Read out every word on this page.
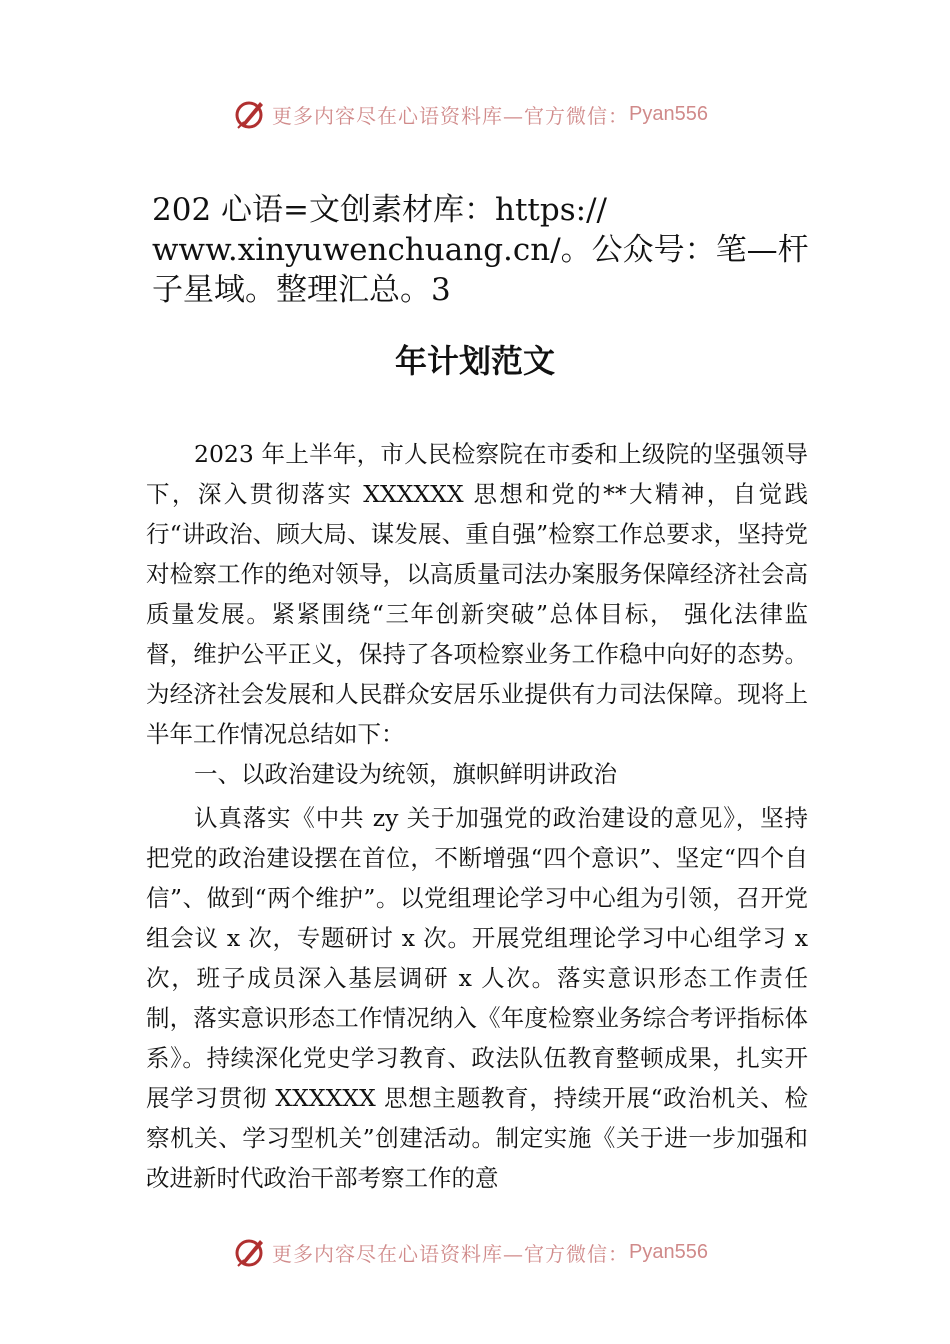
更多内容尽在心语资料库—官方微信： Pyan556
202 心语=文创素材库：https:// www.xinyuwenchuang.cn/。公众号：笔—杆子星域。整理汇总。3
年计划范文
2023 年上半年，市人民检察院在市委和上级院的坚强领导下，深入贯彻落实 XXXXXX 思想和党的**大精神，自觉践行“讲政治、顾大局、谋发展、重自强”检察工作总要求，坚持党对检察工作的绝对领导，以高质量司法办案服务保障经济社会高质量发展。紧紧围绕“三年创新突破”总体目标， 强化法律监督，维护公平正义，保持了各项检察业务工作稳中向好的态势。为经济社会发展和人民群众安居乐业提供有力司法保障。现将上半年工作情况总结如下：
一、以政治建设为统领，旗帜鲜明讲政治
认真落实《中共 zy 关于加强党的政治建设的意见》，坚持把党的政治建设摆在首位，不断增强“四个意识”、坚定“四个自信”、做到“两个维护”。以党组理论学习中心组为引领，召开党组会议 x 次，专题研讨 x 次。开展党组理论学习中心组学习 x 次，班子成员深入基层调研 x 人次。落实意识形态工作责任制，落实意识形态工作情况纳入《年度检察业务综合考评指标体系》。持续深化党史学习教育、政法队伍教育整顿成果，扎实开展学习贯彻 XXXXXX 思想主题教育，持续开展“政治机关、检察机关、学习型机关”创建活动。制定实施《关于进一步加强和改进新时代政治干部考察工作的意
更多内容尽在心语资料库—官方微信： Pyan556
